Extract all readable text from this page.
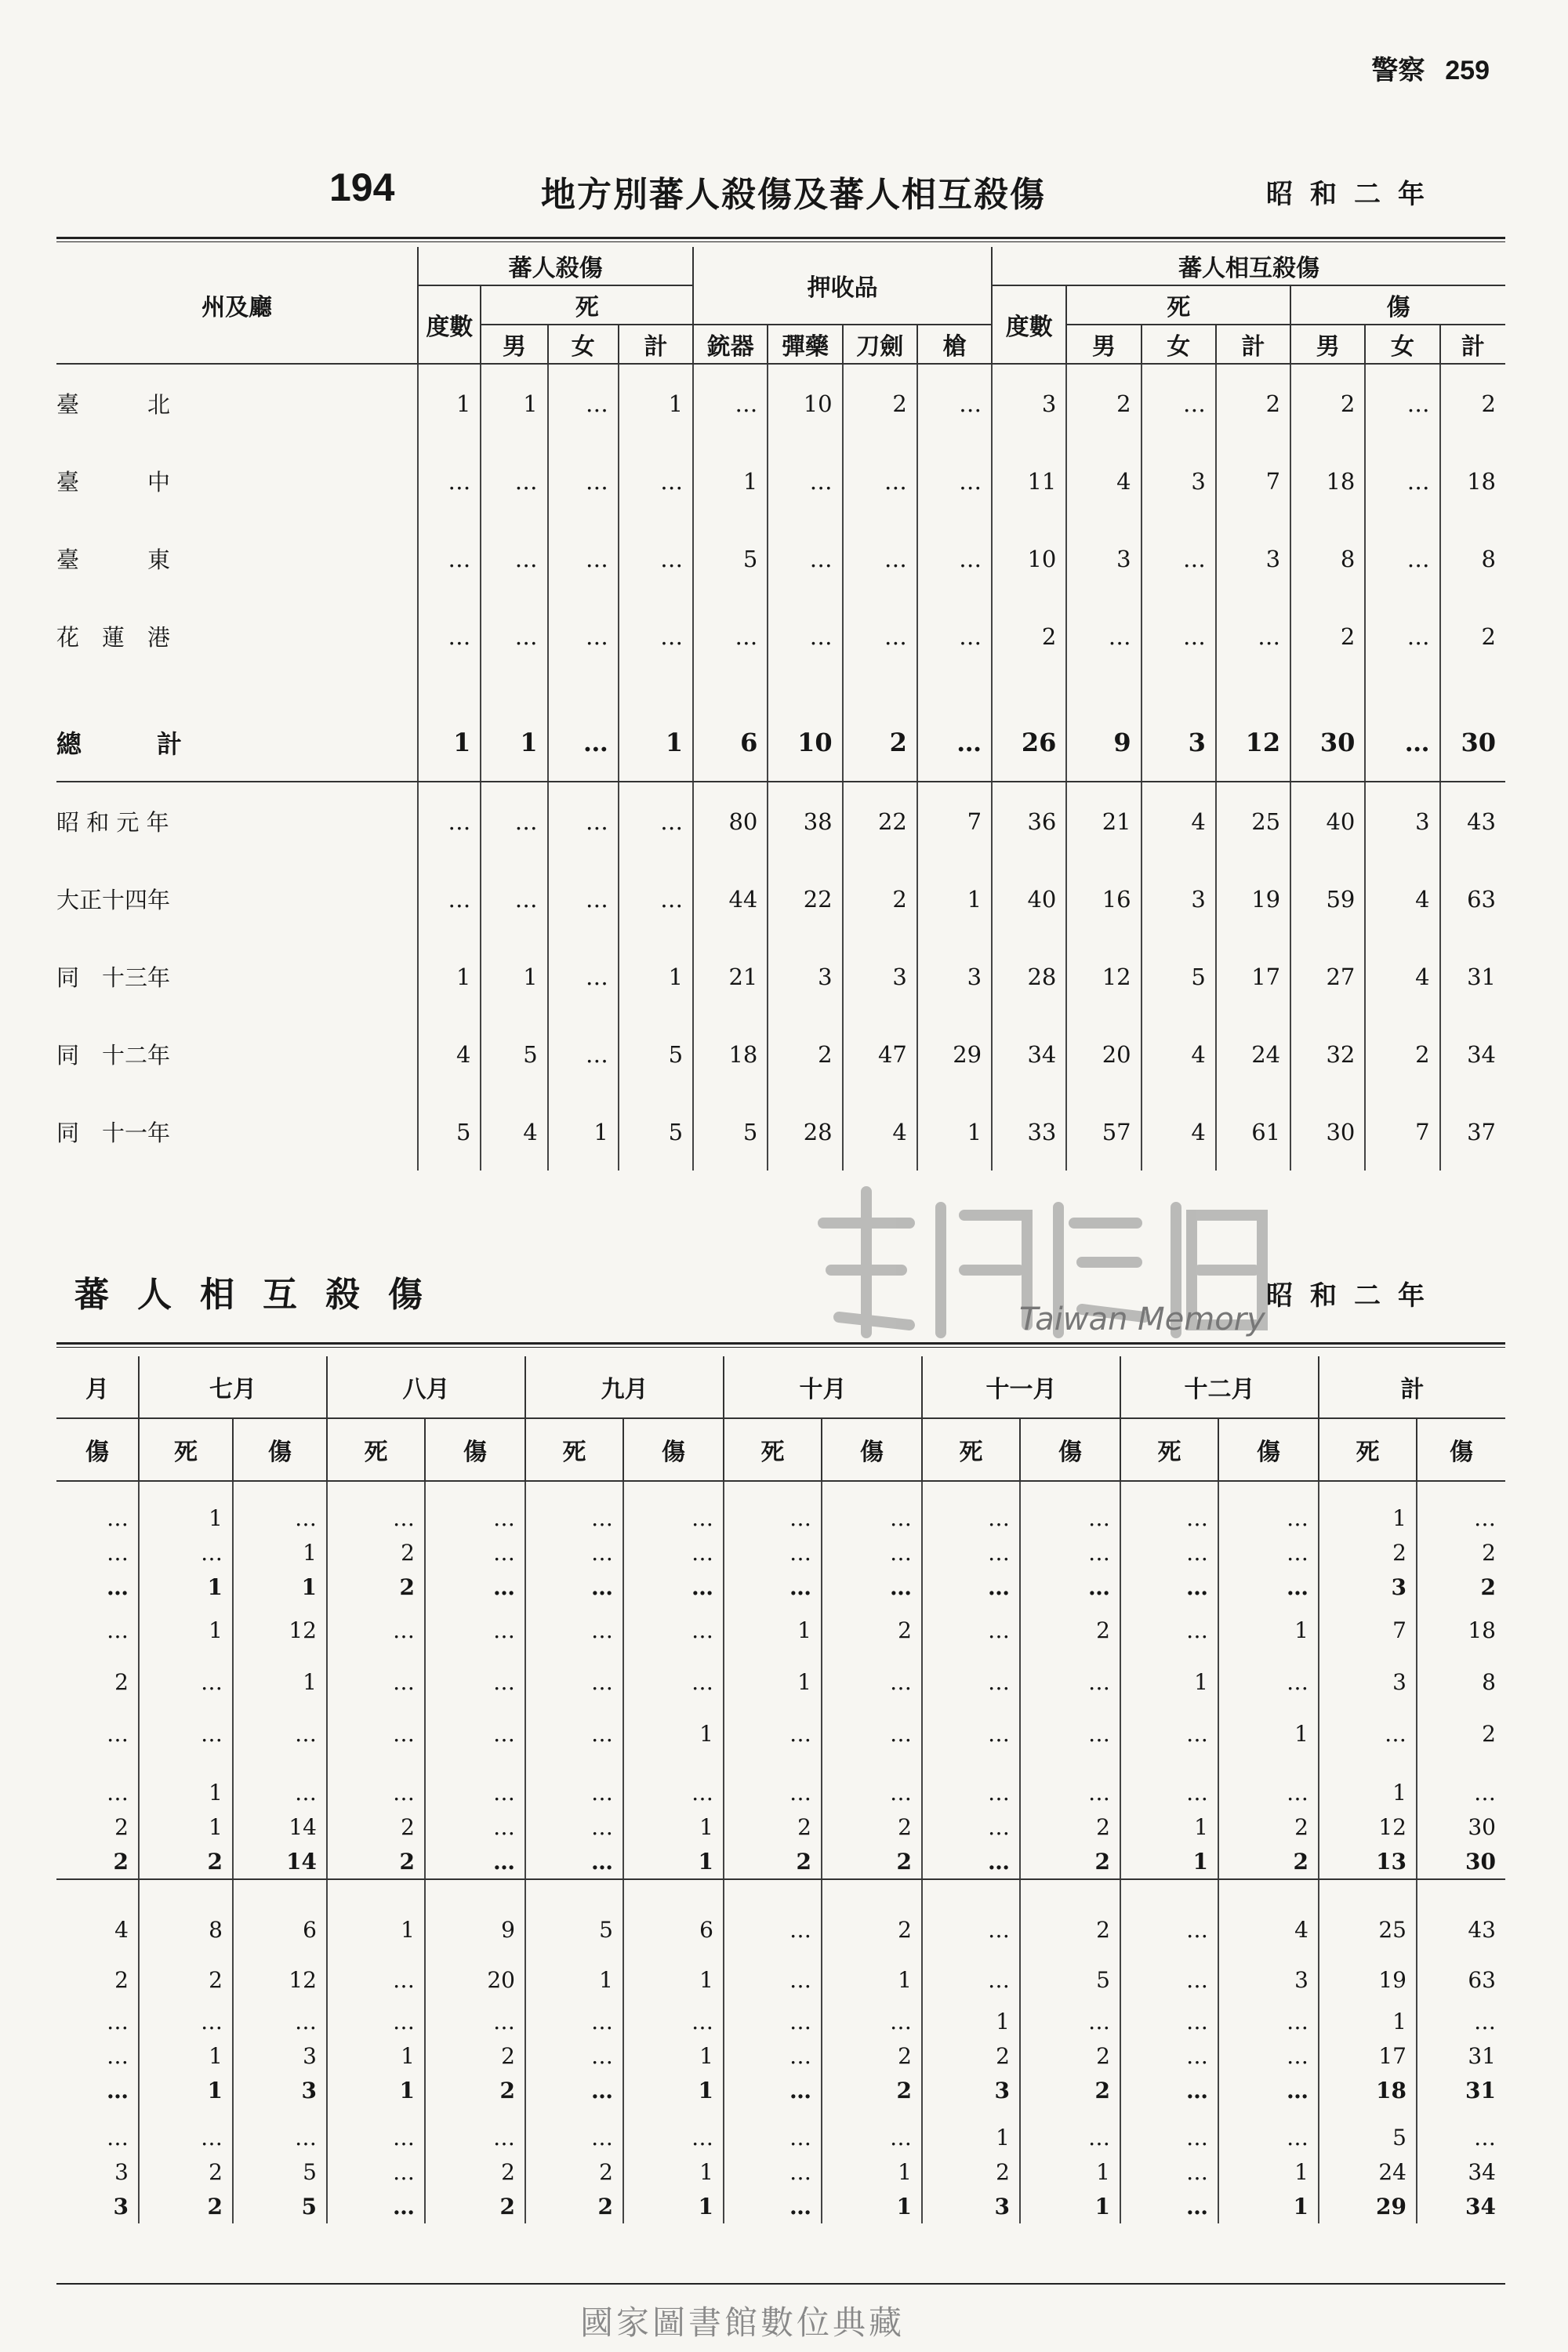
警察 259
194	地方別蕃人殺傷及蕃人相互殺傷	昭和二年
州及廳	蕃人殺傷				押收品				蕃人相互殺傷						
	度數	死							度數	死			傷		
		男	女	計	銃器	彈藥	刀劍	槍		男	女	計	男	女	計
臺　　　北	1	1	…	1	…	10	2	…	3	2	…	2	2	…	2
臺　　　中	…	…	…	…	1	…	…	…	11	4	3	7	18	…	18
臺　　　東	…	…	…	…	5	…	…	…	10	3	…	3	8	…	8
花　蓮　港	…	…	…	…	…	…	…	…	2	…	…	…	2	…	2

總　　　計	1	1	…	1	6	10	2	…	26	9	3	12	30	…	30
昭 和 元 年	…	…	…	…	80	38	22	7	36	21	4	25	40	3	43
大正十四年	…	…	…	…	44	22	2	1	40	16	3	19	59	4	63
同　十三年	1	1	…	1	21	3	3	3	28	12	5	17	27	4	31
同　十二年	4	5	…	5	18	2	47	29	34	20	4	24	32	2	34
同　十一年	5	4	1	5	5	28	4	1	33	57	4	61	30	7	37
蕃人相互殺傷	昭和二年
月	七月		八月		九月		十月		十一月		十二月		計	
傷	死	傷	死	傷	死	傷	死	傷	死	傷	死	傷	死	傷
…	1	…	…	…	…	…	…	…	…	…	…	…	1	…
…	…	1	2	…	…	…	…	…	…	…	…	…	2	2
…	1	1	2	…	…	…	…	…	…	…	…	…	3	2
…	1	12	…	…	…	…	1	2	…	2	…	1	7	18
2	…	1	…	…	…	…	1	…	…	…	1	…	3	8
…	…	…	…	…	…	1	…	…	…	…	…	1	…	2
…	1	…	…	…	…	…	…	…	…	…	…	…	1	…
2	1	14	2	…	…	1	2	2	…	2	1	2	12	30
2	2	14	2	…	…	1	2	2	…	2	1	2	13	30
4	8	6	1	9	5	6	…	2	…	2	…	4	25	43
2	2	12	…	20	1	1	…	1	…	5	…	3	19	63
…	…	…	…	…	…	…	…	…	1	…	…	…	1	…
…	1	3	1	2	…	1	…	2	2	2	…	…	17	31
…	1	3	1	2	…	1	…	2	3	2	…	…	18	31
…	…	…	…	…	…	…	…	…	1	…	…	…	5	…
3	2	5	…	2	2	1	…	1	2	1	…	1	24	34
3	2	5	…	2	2	1	…	1	3	1	…	1	29	34
Taiwan Memory
國家圖書館數位典藏
